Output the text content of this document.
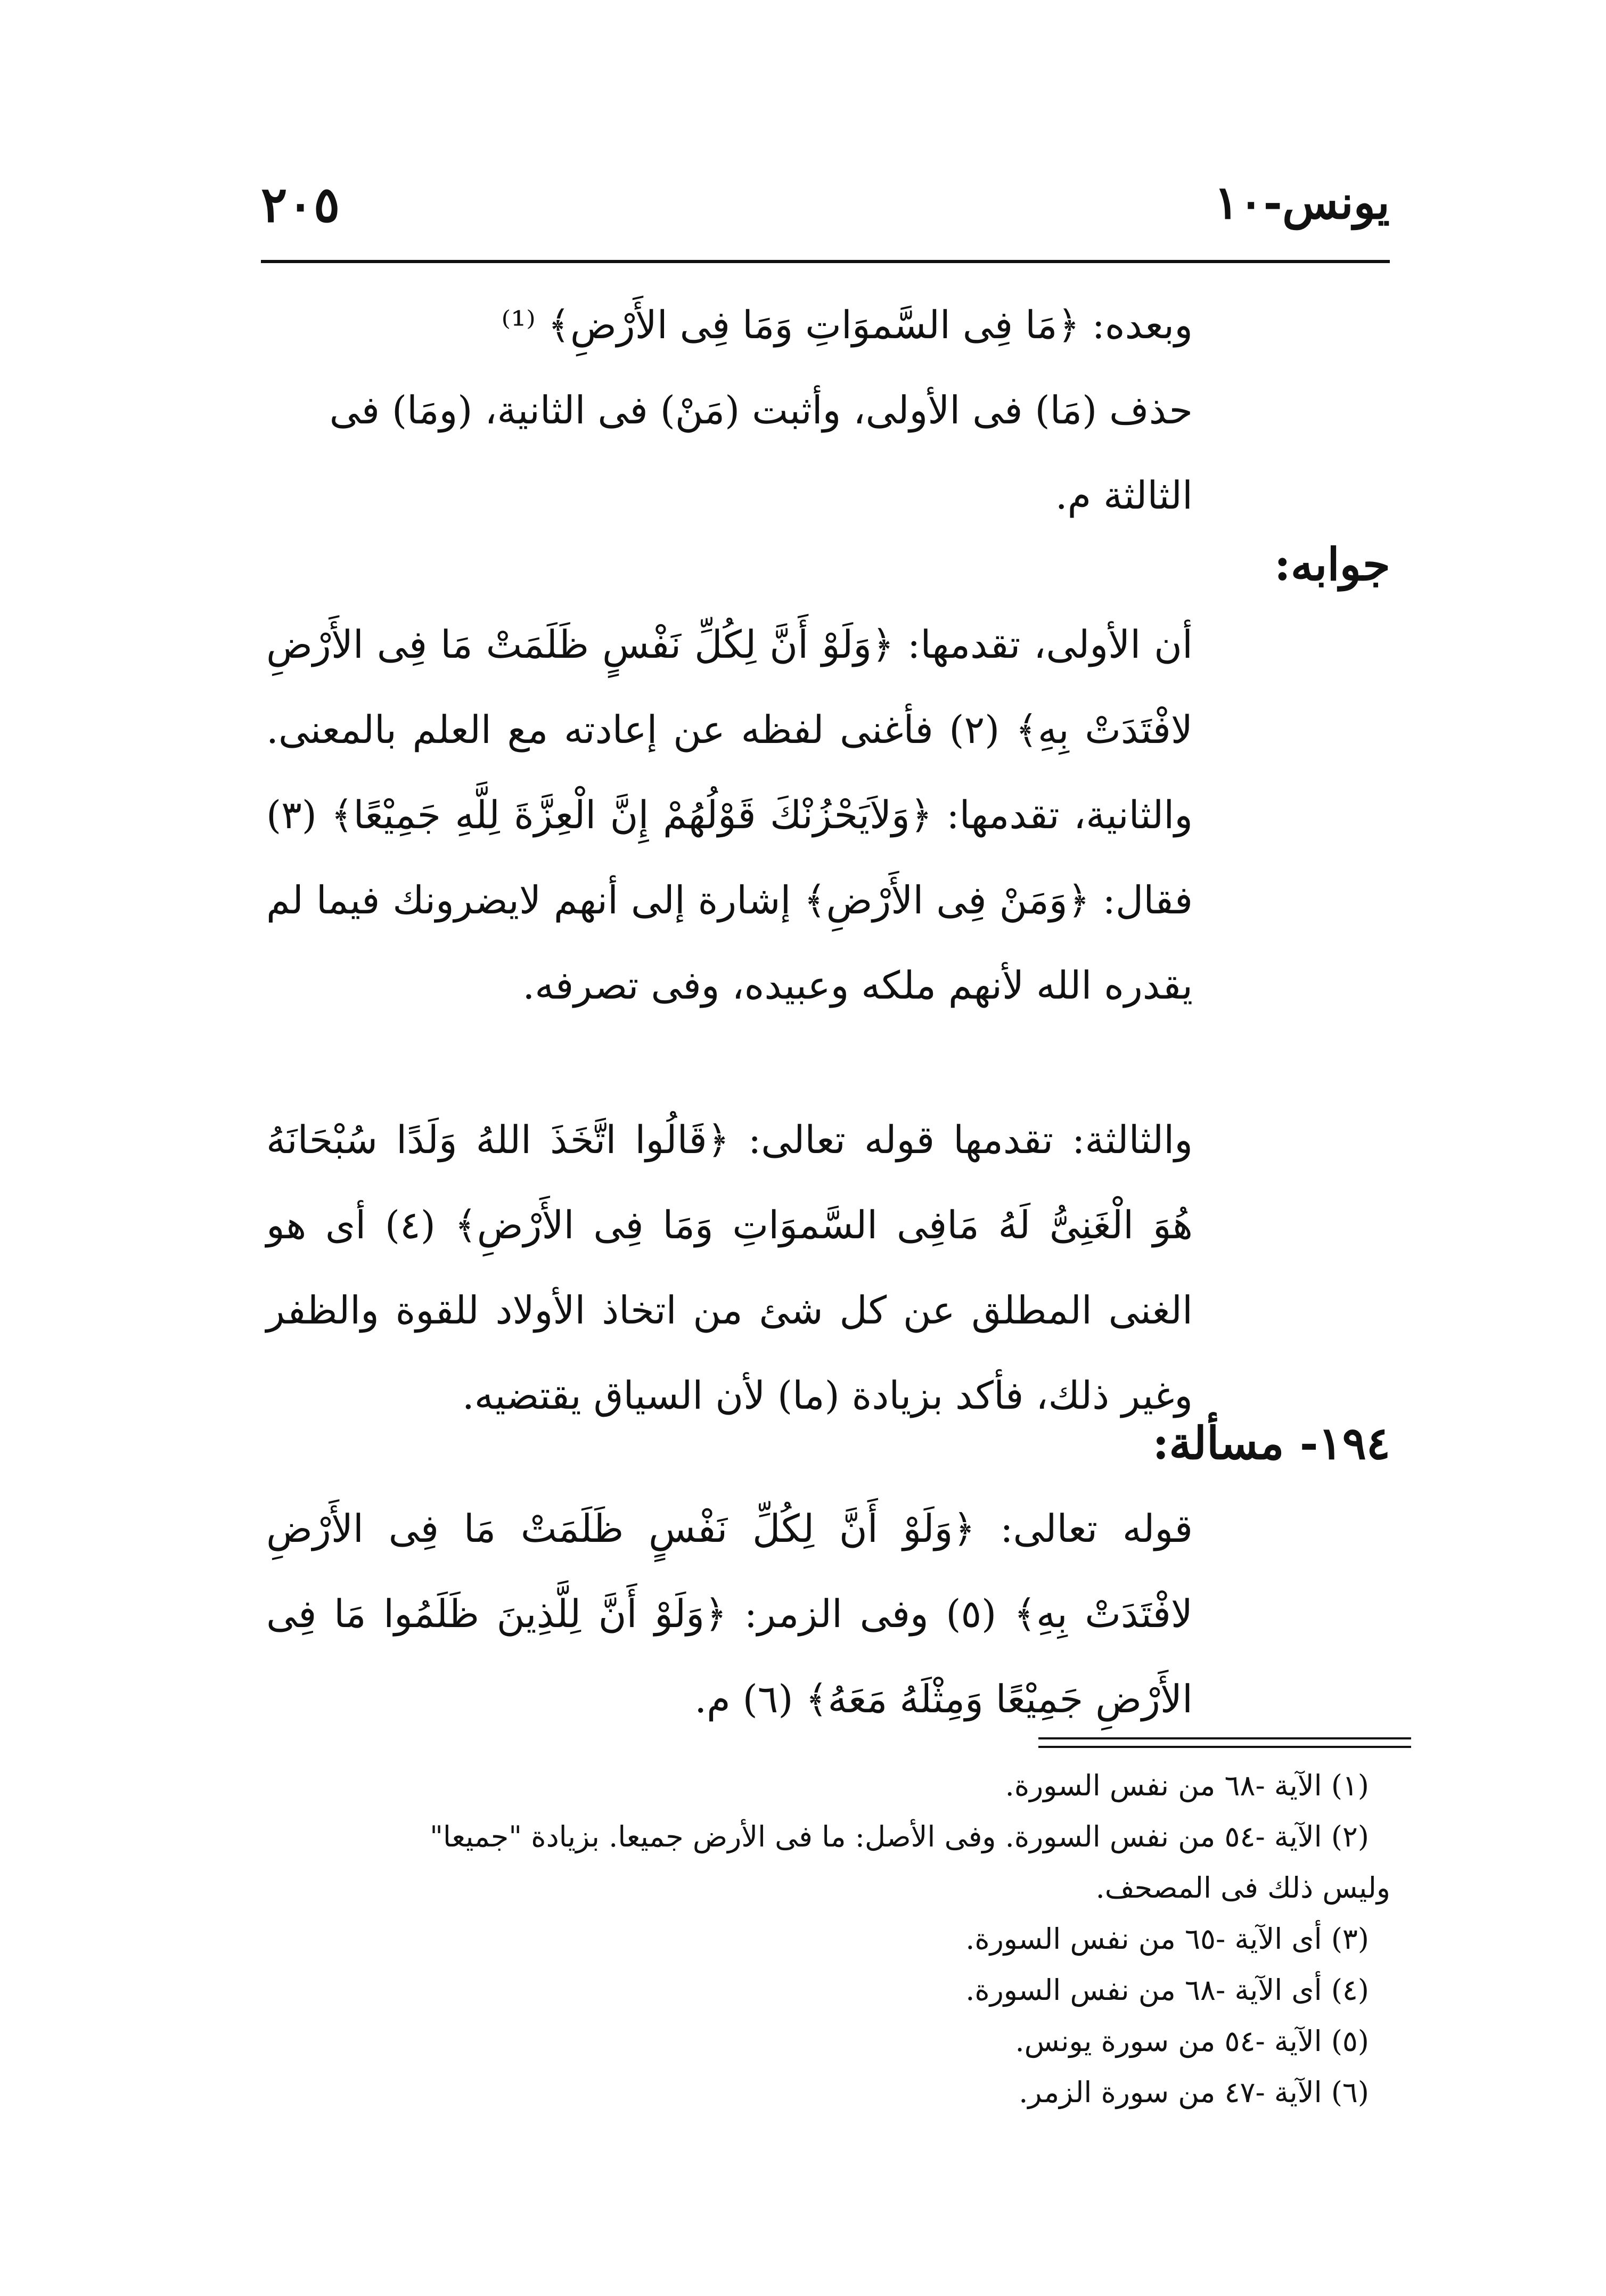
يونس-١٠
٢٠٥

وبعده: ﴿مَا فِى السَّموَاتِ وَمَا فِى الأَرْضِ﴾ ⁽¹⁾

حذف (مَا) فى الأولى، وأثبت (مَنْ) فى الثانية، (ومَا) فى

الثالثة م.

جوابه:

أن الأولى، تقدمها: ﴿وَلَوْ أَنَّ لِكُلِّ نَفْسٍ ظَلَمَتْ مَا فِى الأَرْضِ لافْتَدَتْ بِهِ﴾ (٢) فأغنى لفظه عن إعادته مع العلم بالمعنى. والثانية، تقدمها: ﴿وَلاَيَحْزُنْكَ قَوْلُهُمْ إِنَّ الْعِزَّةَ لِلَّهِ جَمِيْعًا﴾ (٣) فقال: ﴿وَمَنْ فِى الأَرْضِ﴾ إشارة إلى أنهم لايضرونك فيما لم يقدره الله لأنهم ملكه وعبيده، وفى تصرفه.

والثالثة: تقدمها قوله تعالى: ﴿قَالُوا اتَّخَذَ اللهُ وَلَدًا سُبْحَانَهُ هُوَ الْغَنِىُّ لَهُ مَافِى السَّموَاتِ وَمَا فِى الأَرْضِ﴾ (٤) أى هو الغنى المطلق عن كل شئ من اتخاذ الأولاد للقوة والظفر وغير ذلك، فأكد بزيادة (ما) لأن السياق يقتضيه.

١٩٤- مسألة:

قوله تعالى: ﴿وَلَوْ أَنَّ لِكُلِّ نَفْسٍ ظَلَمَتْ مَا فِى الأَرْضِ لافْتَدَتْ بِهِ﴾ (٥) وفى الزمر: ﴿وَلَوْ أَنَّ لِلَّذِينَ ظَلَمُوا مَا فِى الأَرْضِ جَمِيْعًا وَمِثْلَهُ مَعَهُ﴾ (٦) م.

(١) الآية -٦٨ من نفس السورة.

(٢) الآية -٥٤ من نفس السورة. وفى الأصل: ما فى الأرض جميعا. بزيادة "جميعا"

وليس ذلك فى المصحف.

(٣) أى الآية -٦٥ من نفس السورة.

(٤) أى الآية -٦٨ من نفس السورة.

(٥) الآية -٥٤ من سورة يونس.

(٦) الآية -٤٧ من سورة الزمر.
